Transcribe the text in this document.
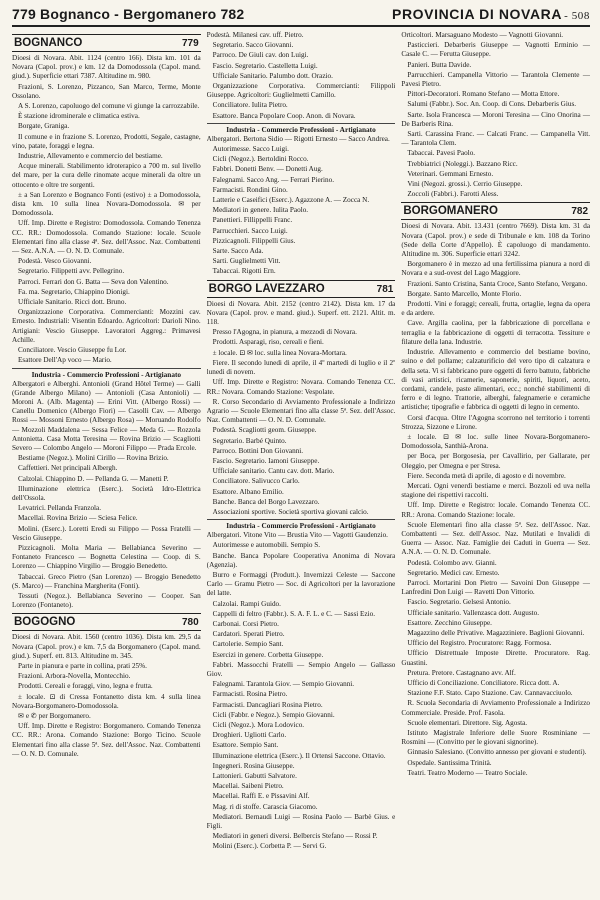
779 Bognanco - Bergomanero 782	PROVINCIA DI NOVARA - 508
BOGNANCO	779

Dioesi di Novara. Abit. 1124 (centro 166). Dista km. 101 da Novara (Capol. prov.) e km. 12 da Domodossola (Capol. mand. giud.). Superficie ettari 7387. Altitudine m. 980.

Frazioni, S. Lorenzo, Pizzanco, San Marco, Terme, Monte Ossolano.

A S. Lorenzo, capoluogo del comune vi giunge la carrozzabile.

È stazione idrominerale e climatica estiva.

Borgate, Graniga.

Il comune e in frazione S. Lorenzo, Prodotti, Segale, castagne, vino, patate, foraggi e legna.

Industrie, Allevamento e commercio del bestiame.

Acque minerali. Stabilimento idroterapico a 700 m. sul livello del mare, per la cura delle rinomate acque minerali da oltre un ottocento e oltre tre sorgenti.

± a San Lorenzo e Bognanco Fonti (estivo) ± a Domodossola, dista km. 10 sulla linea Novara-Domodossola. ✉ per Domodossola.

Uff. Imp. Dirette e Registro: Domodossola. Comando Tenenza CC. RR.: Domodossola. Comando Stazione: locale. Scuole Elementari fino alla classe 4ª. Sez. dell'Assoc. Naz. Combattenti — Sez. A.N.A. — O. N. D. Comunale.

Podestà. Vesco Giovanni.

Segretario. Filippetti avv. Pellegrino.

Parroci. Ferrari don G. Batta — Seva don Valentino.

Fa. ma. Segretario, Chiappino Dionigi.

Ufficiale Sanitario. Ricci dott. Bruno.

Organizzazione Corporativa. Commercianti: Mozzini cav. Ernesto. Industriali: Visentin Edoardo. Agricoltori: Darioli Nino. Artigiani: Vescio Giuseppe. Lavoratori Aggreg.: Primavesi Achille.

Conciliatore. Vescio Giuseppe fu Lor.

Esattore Dell'Ap voco — Mario.

Industria - Commercio Professioni - Artigianato

Albergatori e Alberghi. Antonioli (Grand Hôtel Terme) — Galli (Grande Albergo Milano) — Antonioli (Casa Antonioli) — Moroni A. (Alb. Magenta) — Erini Vitt. (Albergo Rossi) — Canellu Domenico (Albergo Fiori) — Casolli Cav. — Albergo Rossi — Mossoni Ernesto (Albergo Rosa) — Moruando Rodolfo — Mozzoli Maddalena — Sessa Felice — Meda G. — Rozzola Antonietta. Casa Motta Teresina — Rovina Brizio — Scagliotti Severo — Colombo Angelo — Moroni Filippo — Prada Ercole.

Bestiame (Negoz.). Molini Cirillo — Rovina Brizio.

Caffettieri. Net principali Albergh.

Calzolai. Chiappino D. — Pellanda G. — Manetti P.

Illuminazione elettrica (Eserc.). Società Idro-Elettrica dell'Ossola.

Levatrici. Pellanda Franzola.

Macellai. Rovina Brizio — Sciesa Felice.

Molini. (Eserc.). Loretti Eredi su Filippo — Possa Fratelli — Vescio Giuseppe.

Pizzicagnoli. Molta Maria — Bellabianca Severino — Fontaneto Francesco — Bognetta Celestina — Coop. di S. Lorenzo — Chiappino Virgilio — Broggio Benedetto.

Tabaccai. Greco Pietro (San Lorenzo) — Broggio Benedetto (S. Marco) — Franchina Margherita (Fonti).

Tessuti (Negoz.). Bellabianca Severino — Cooper. San Lorenzo (Fontaneto).

BOGOGNO	780

Dioesi di Novara. Abit. 1560 (centro 1036). Dista km. 29,5 da Novara (Capol. prov.) e km. 7,5 da Borgomanero (Capol. mand. giud.). Superf. ett. 813. Altitudine m. 345.

Parte in pianura e parte in collina, prati 25%.

Frazioni. Arbora-Novella, Montecchio.

Prodotti. Cereali e foraggi, vino, legna e frutta.

± locale. ⊡ di Cressa Fontanetto dista km. 4 sulla linea Novara-Borgomanero-Domodossola.

✉ e ✆ per Borgomanero.

Uff. Imp. Dirette e Registro: Borgomanero. Comando Tenenza CC. RR.: Arona. Comando Stazione: Borgo Ticino. Scuole Elementari fino alla classe 5ª. Sez. dell'Assoc. Naz. Combattenti — O. N. D. Comunale.

Podestà. Milanesi cav. uff. Pietro.

Segretario. Sacco Giovanni.

Parroco. De Giuli cav. don Luigi.

Fascio. Segretario. Castelletta Luigi.

Ufficiale Sanitario. Palumbo dott. Orazio.

Organizzazione Corporativa. Commercianti: Filippoli Giuseppe. Agricoltori: Guglielmetti Camillo.

Conciliatore. Iulita Pietro.

Esattore. Banca Popolare Coop. Anon. di Novara.

Industria - Commercio Professioni - Artigianato

Albergatori. Bertona Sidio — Rigotti Ernesto — Sacco Andrea.

Autorimesse. Sacco Luigi.

Cicli (Negoz.). Bertoldini Rocco.

Fabbri. Donetti Benv. — Donetti Aug.

Falegnami. Sacco Ang. — Ferrari Pierino.

Farmacisti. Rondini Gino.

Latterie e Caseifici (Eserc.). Agazzone A. — Zocca N.

Mediatori in genere. Iulita Paolo.

Panettieri. Fillippelli Franc.

Parrucchieri. Sacco Luigi.

Pizzicagnoli. Filippelli Gius.

Sarte. Sacco Ada.

Sarti. Guglielmetti Vitt.

Tabaccai. Rigotti Ern.

BORGO LAVEZZARO	781

Dioesi di Novara. Abit. 2152 (centro 2142). Dista km. 17 da Novara (Capol. prov. e mand. giud.). Superf. ett. 2121. Altit. m. 118.

Presso l'Agogna, in pianura, a mezzodi di Novara.

Prodotti. Asparagi, riso, cereali e fieni.

± locale. ⊡ ✉ loc. sulla linea Novara-Mortara.

Fiere. Il secondo lunedi di aprile, il 4º martedi di luglio e il 2º lunedi di novem.

Uff. Imp. Dirette e Registro: Novara. Comando Tenenza CC. RR.: Novara. Comando Stazione: Vespolate.

R. Corso Secondario di Avviamento Professionale a Indirizzo Agrario — Scuole Elementari fino alla classe 5ª. Sez. dell'Assoc. Naz. Combattenti — O. N. D. Comunale.

Podestà. Scagliotti geom. Giuseppe.

Segretario. Barbé Quinto.

Parroco. Bottini Don Giovanni.

Fascio. Segretario. Iamoni Giuseppe.

Ufficiale sanitario. Cantu cav. dott. Mario.

Conciliatore. Salivucco Carlo.

Esattore. Albano Emilio.

Banche. Banca del Borgo Lavezzaro.

Associazioni sportive. Società sportiva giovani calcio.

Industria - Commercio Professioni - Artigianato

Albergatori. Vitone Vito — Brustia Vito — Vagotti Gaudenzio.

Autorimesse e automobili. Sempio S.

Banche. Banca Popolare Cooperativa Anonima di Novara (Agenzia).

Burro e Formaggi (Produtt.). Invernizzi Celeste — Saccone Carlo — Gramu Pietro — Soc. di Agricoltori per la lavorazione del latte.

Calzolai. Rampi Guido.

Cappelli di feltro (Fabbr.). S. A. F. L. e C. — Sassi Ezio.

Carbonai. Corsi Pietro.

Cardatori. Sperati Pietro.

Cartolerie. Sempio Sant.

Esercizi in genere. Corbetta Giuseppe.

Fabbri. Massocchi Fratelli — Sempio Angelo — Gallasso Giov.

Falegnami. Tarantola Giov. — Sempio Giovanni.

Farmacisti. Rosina Pietro.

Farmacisti. Dancagliari Rosina Pietro.

Cicli (Fabbr. e Negoz.). Sempio Giovanni.

Cicli (Negoz.). Mora Lodovico.

Droghieri. Ugliotti Carlo.

Esattore. Sempio Sant.

Illuminazione elettrica (Eserc.). Il Ortensi Saccone. Ottavio.

Ingegneri. Rosina Giuseppe.

Lattonieri. Gabutti Salvatore.

Macellai. Saibeni Pietro.

Macellai. Raffi E. e Pissavini Alf.

Mag. ri di stoffe. Carascia Giacomo.

Mediatori. Bernaudi Luigi — Rosina Paolo — Barbè Gius. e Figli.

Mediatori in generi diversi. Belbercis Stefano — Rossi P.

Molini (Eserc.). Corbetta P. — Servi G.

Orticoltori. Marsaguano Modesto — Vagnotti Giovanni.

Pasticcieri. Debarberis Giuseppe — Vagnotti Erminio — Casale C. — Ferutta Giuseppe.

Panieri. Butta Davide.

Parrucchieri. Campanella Vittorio — Tarantola Clemente — Pavesi Pietro.

Pittori-Decoratori. Romano Stefano — Motta Ettore.

Salumi (Fabbr.). Soc. An. Coop. di Cons. Debarberis Gius.

Sarte. Isola Francesca — Moroni Teresina — Cino Onorina — De Barberis Rina.

Sarti. Carassina Franc. — Calcati Franc. — Campanella Vitt. — Tarantola Clem.

Tabaccai. Pavesi Paolo.

Trebbiatrici (Noleggi.). Bazzano Ricc.

Veterinari. Gemmani Ernesto.

Vini (Negozi. grossi.). Cerrio Giuseppe.

Zoccoli (Fabbri.). Farotti Aless.

BORGOMANERO	782

Dioesi di Novara. Abit. 13.431 (centro 7669). Dista km. 31 da Novara (Capol. prov.) e sede di Tribunale e km. 108 da Torino (Sede della Corte d'Appello). È capoluogo di mandamento. Altitudine m. 306. Superficie ettari 3242.

Borgomanero è in mezzo ad una fertilissima pianura a nord di Novara e a sud-ovest del Lago Maggiore.

Frazioni. Santo Cristina, Santa Croce, Santo Stefano, Vergano.

Borgate. Santo Marcello, Monte Florio.

Prodotti. Vini e foraggi; cereali, frutta, ortaglie, legna da opera e da ardere.

Cave. Argilla caolina, per la fabbricazione di porcellana e terraglia e la fabbricazione di oggetti di terracotta. Tessiture e filature della lana. Industrie.

Industrie. Allevamento e commercio del bestiame bovino, suino e del pollame; calzaturificio del vero tipo di calzatura e della seta. Vi si fabbricano pure oggetti di ferro battuto, fabbriche di vasi artistici, ricamerie, saponerie, spiriti, liquori, aceto, cordami, candele, paste alimentari, ecc.; nonché stabilimenti di ferro e di legno. Trattorie, alberghi, falegnamerie e ceramiche artistiche; tipografie e fabbrica di oggetti di legno in cemento.

Corsi d'acqua. Oltre l'Agogna scorrono nel territorio i torrenti Strozza, Sizzone e Lirone.

± locale. ⊡ ✉ loc. sulle linee Novara-Borgomanero-Domodossola, Santhià-Arona.

per Boca, per Borgosesia, per Cavallirio, per Gallarate, per Oleggio, per Omegna e per Stresa.

Fiere. Seconda metà di aprile, di agosto e di novembre.

Mercati. Ogni venerdì bestiame e merci. Bozzoli ed uva nella stagione dei rispettivi raccolti.

Uff. Imp. Dirette e Registro: locale. Comando Tenenza CC. RR.: Arona. Comando Stazione: locale.

Scuole Elementari fino alla classe 5ª. Sez. dell'Assoc. Naz. Combattenti — Sez. dell'Assoc. Naz. Mutilati e Invalidi di Guerra — Assoc. Naz. Famiglie dei Caduti in Guerra — Sez. A.N.A. — O. N. D. Comunale.

Podestà. Colombo avv. Gianni.

Segretario. Medici cav. Ernesto.

Parroci. Mortarini Don Pietro — Savoini Don Giuseppe — Lanfredini Don Luigi — Ravetti Don Vittorio.

Fascio. Segretario. Gelsesi Antonio.

Ufficiale sanitario. Vallenzasca dott. Augusto.

Esattore. Zecchino Giuseppe.

Magazzino delle Privative. Magazziniere. Baglioni Giovanni.

Ufficio del Registro. Procuratore: Ragg. Formosa.

Ufficio Distrettuale Imposte Dirette. Procuratore. Rag. Guastini.

Pretura. Pretore. Castagnano avv. Alf.

Ufficio di Conciliazione. Conciliatore. Ricca dott. A.

Stazione F.F. Stato. Capo Stazione. Cav. Cannavacciuolo.

R. Scuola Secondaria di Avviamento Professionale a Indirizzo Commerciale. Preside. Prof. Fasola.

Scuole elementari. Direttore. Sig. Agosta.

Istituto Magistrale Inferiore delle Suore Rosminiane — Rosmini — (Convitto per le giovani signorine).

Ginnasio Salesiano. (Convitto annesso per giovani e studenti).

Ospedale. Santissima Trinità.

Teatri. Teatro Moderno — Teatro Sociale.
